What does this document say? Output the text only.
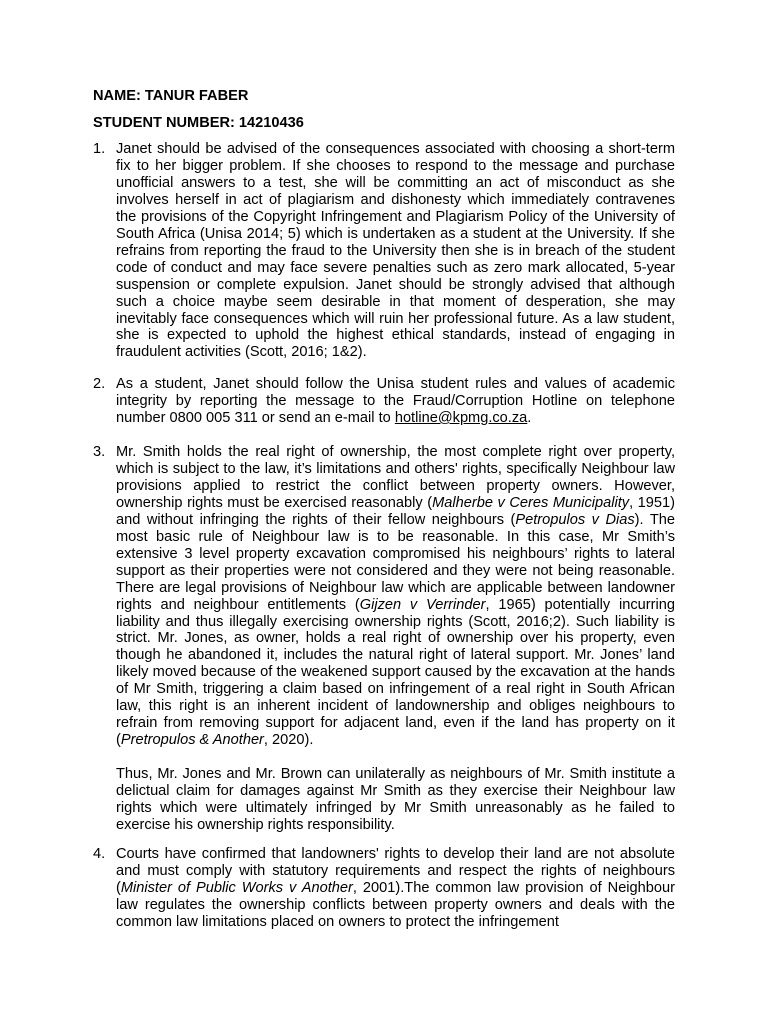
NAME: TANUR FABER
STUDENT NUMBER: 14210436
1. Janet should be advised of the consequences associated with choosing a short-term fix to her bigger problem. If she chooses to respond to the message and purchase unofficial answers to a test, she will be committing an act of misconduct as she involves herself in act of plagiarism and dishonesty which immediately contravenes the provisions of the Copyright Infringement and Plagiarism Policy of the University of South Africa (Unisa 2014; 5) which is undertaken as a student at the University. If she refrains from reporting the fraud to the University then she is in breach of the student code of conduct and may face severe penalties such as zero mark allocated, 5-year suspension or complete expulsion. Janet should be strongly advised that although such a choice maybe seem desirable in that moment of desperation, she may inevitably face consequences which will ruin her professional future. As a law student, she is expected to uphold the highest ethical standards, instead of engaging in fraudulent activities (Scott, 2016; 1&2).
2. As a student, Janet should follow the Unisa student rules and values of academic integrity by reporting the message to the Fraud/Corruption Hotline on telephone number 0800 005 311 or send an e-mail to hotline@kpmg.co.za.
3. Mr. Smith holds the real right of ownership, the most complete right over property, which is subject to the law, it’s limitations and others' rights, specifically Neighbour law provisions applied to restrict the conflict between property owners. However, ownership rights must be exercised reasonably (Malherbe v Ceres Municipality, 1951) and without infringing the rights of their fellow neighbours (Petropulos v Dias). The most basic rule of Neighbour law is to be reasonable. In this case, Mr Smith’s extensive 3 level property excavation compromised his neighbours’ rights to lateral support as their properties were not considered and they were not being reasonable. There are legal provisions of Neighbour law which are applicable between landowner rights and neighbour entitlements (Gijzen v Verrinder, 1965) potentially incurring liability and thus illegally exercising ownership rights (Scott, 2016;2). Such liability is strict. Mr. Jones, as owner, holds a real right of ownership over his property, even though he abandoned it, includes the natural right of lateral support. Mr. Jones’ land likely moved because of the weakened support caused by the excavation at the hands of Mr Smith, triggering a claim based on infringement of a real right in South African law, this right is an inherent incident of landownership and obliges neighbours to refrain from removing support for adjacent land, even if the land has property on it (Pretropulos & Another, 2020).
Thus, Mr. Jones and Mr. Brown can unilaterally as neighbours of Mr. Smith institute a delictual claim for damages against Mr Smith as they exercise their Neighbour law rights which were ultimately infringed by Mr Smith unreasonably as he failed to exercise his ownership rights responsibility.
4. Courts have confirmed that landowners' rights to develop their land are not absolute and must comply with statutory requirements and respect the rights of neighbours (Minister of Public Works v Another, 2001).The common law provision of Neighbour law regulates the ownership conflicts between property owners and deals with the common law limitations placed on owners to protect the infringement
